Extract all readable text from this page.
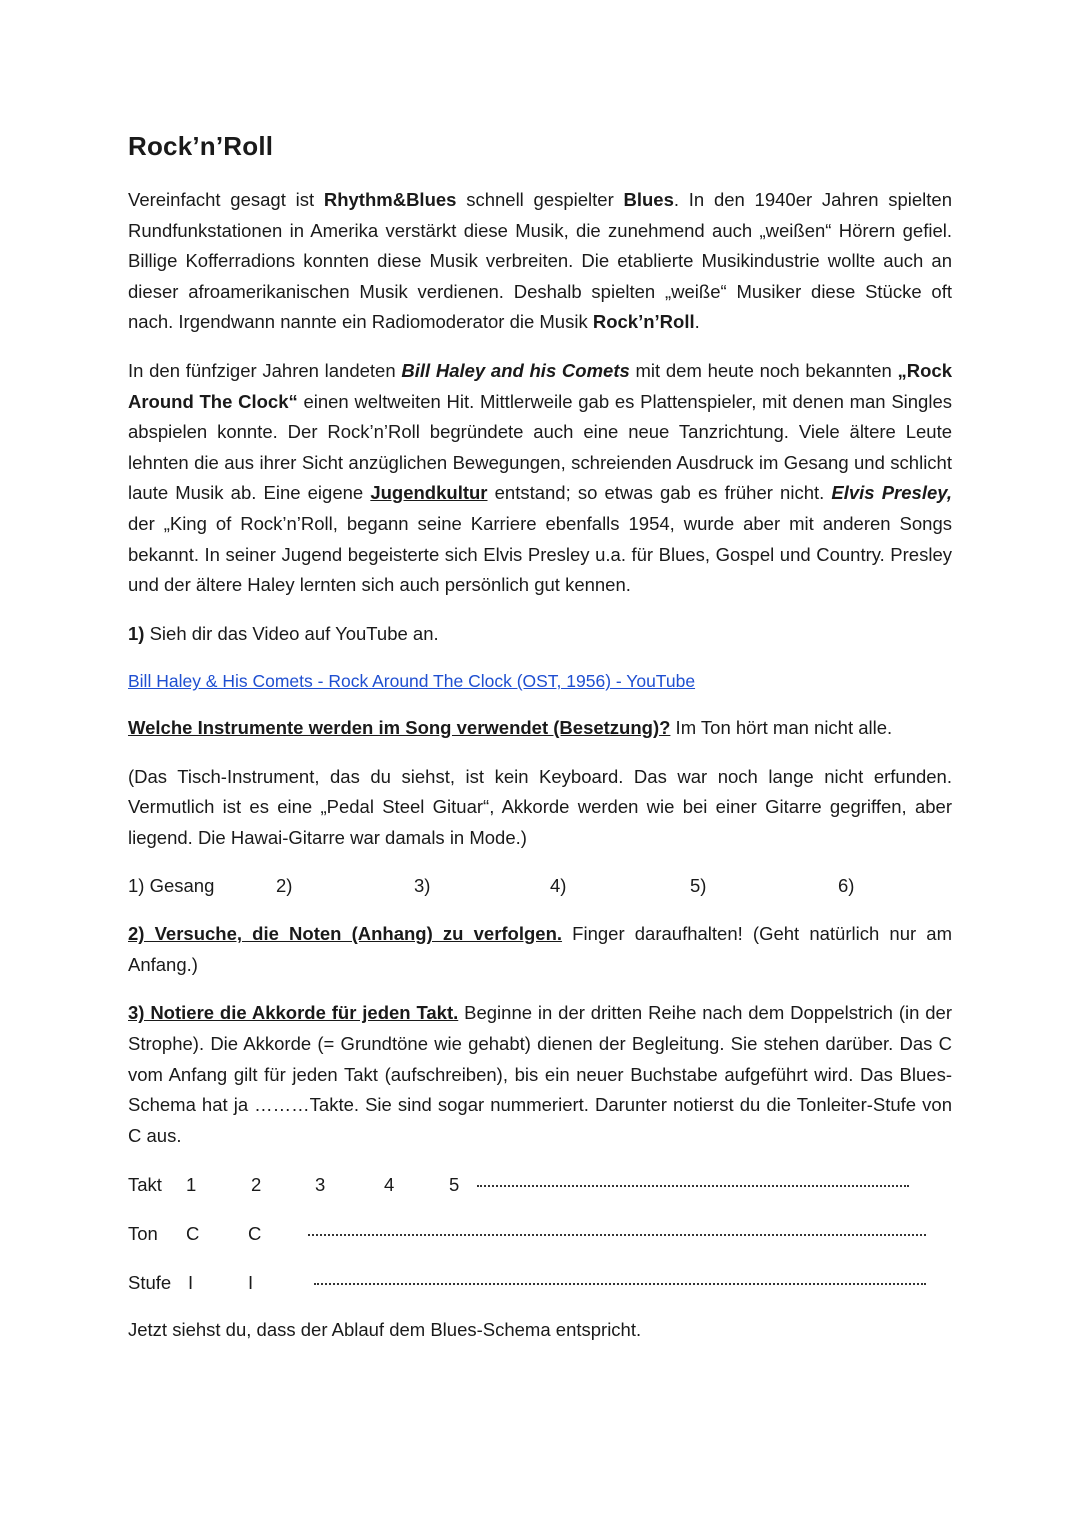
Rock’n’Roll

Vereinfacht gesagt ist Rhythm&Blues schnell gespielter Blues. In den 1940er Jahren spielten Rundfunkstationen in Amerika verstärkt diese Musik, die zunehmend auch „weißen“ Hörern gefiel. Billige Kofferradions konnten diese Musik verbreiten. Die etablierte Musikindustrie wollte auch an dieser afroamerikanischen Musik verdienen. Deshalb spielten „weiße“ Musiker diese Stücke oft nach. Irgendwann nannte ein Radiomoderator die Musik Rock’n’Roll.

In den fünfziger Jahren landeten Bill Haley and his Comets mit dem heute noch bekannten „Rock Around The Clock“ einen weltweiten Hit. Mittlerweile gab es Plattenspieler, mit denen man Singles abspielen konnte. Der Rock’n’Roll begründete auch eine neue Tanzrichtung. Viele ältere Leute lehnten die aus ihrer Sicht anzüglichen Bewegungen, schreienden Ausdruck im Gesang und schlicht laute Musik ab. Eine eigene Jugendkultur entstand; so etwas gab es früher nicht. Elvis Presley, der „King of Rock’n’Roll, begann seine Karriere ebenfalls 1954, wurde aber mit anderen Songs bekannt. In seiner Jugend begeisterte sich Elvis Presley u.a. für Blues, Gospel und Country. Presley und der ältere Haley lernten sich auch persönlich gut kennen.

1) Sieh dir das Video auf YouTube an.

Bill Haley & His Comets - Rock Around The Clock (OST, 1956) - YouTube

Welche Instrumente werden im Song verwendet (Besetzung)? Im Ton hört man nicht alle.

(Das Tisch-Instrument, das du siehst, ist kein Keyboard. Das war noch lange nicht erfunden. Vermutlich ist es eine „Pedal Steel Gituar“, Akkorde werden wie bei einer Gitarre gegriffen, aber liegend. Die Hawai-Gitarre war damals in Mode.)

1) Gesang	2)	3)	4)	5)	6)

2) Versuche, die Noten (Anhang) zu verfolgen. Finger daraufhalten! (Geht natürlich nur am Anfang.)

3) Notiere die Akkorde für jeden Takt. Beginne in der dritten Reihe nach dem Doppelstrich (in der Strophe). Die Akkorde (= Grundtöne wie gehabt) dienen der Begleitung. Sie stehen darüber. Das C vom Anfang gilt für jeden Takt (aufschreiben), bis ein neuer Buchstabe aufgeführt wird. Das Blues-Schema hat ja ………Takte. Sie sind sogar nummeriert. Darunter notierst du die Tonleiter-Stufe von C aus.

Takt	1	2	3	4	5
Ton	C	C
Stufe I	I

Jetzt siehst du, dass der Ablauf dem Blues-Schema entspricht.
